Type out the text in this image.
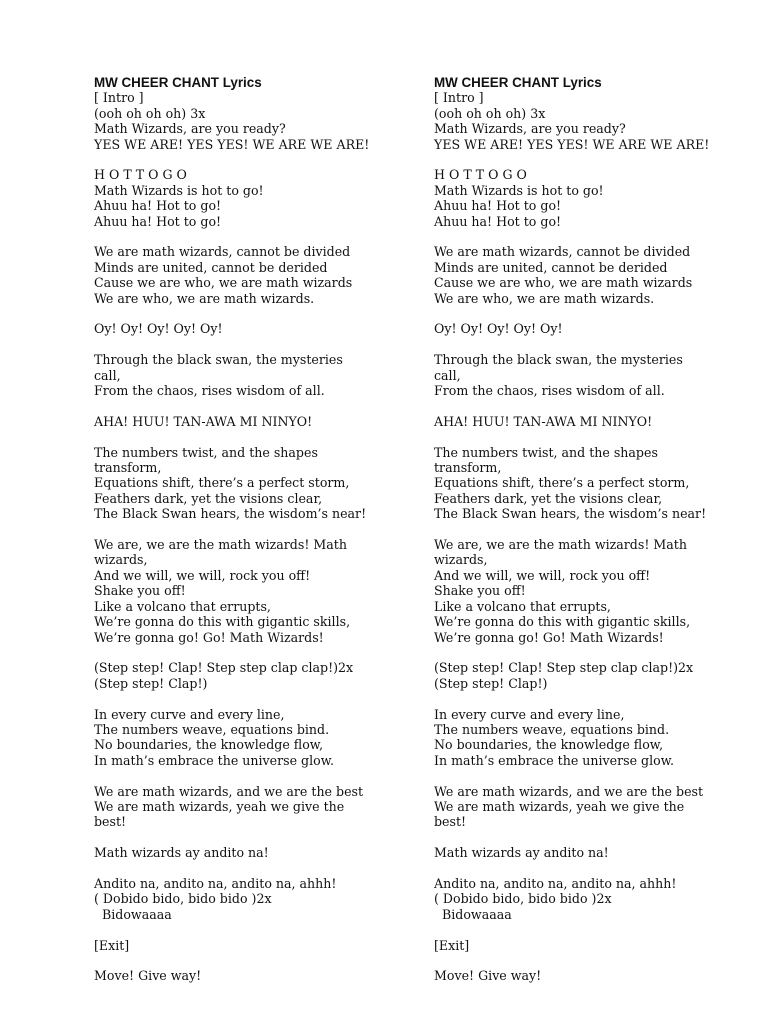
MW CHEER CHANT Lyrics
[ Intro ]
(ooh oh oh oh) 3x
Math Wizards, are you ready?
YES WE ARE! YES YES! WE ARE WE ARE!
H O T T O G O
Math Wizards is hot to go!
Ahuu ha! Hot to go!
Ahuu ha! Hot to go!
We are math wizards, cannot be divided
Minds are united, cannot be derided
Cause we are who, we are math wizards
We are who, we are math wizards.
Oy! Oy! Oy! Oy! Oy!
Through the black swan, the mysteries
call,
From the chaos, rises wisdom of all.
AHA! HUU! TAN-AWA MI NINYO!
The numbers twist, and the shapes
transform,
Equations shift, there’s a perfect storm,
Feathers dark, yet the visions clear,
The Black Swan hears, the wisdom’s near!
We are, we are the math wizards! Math
wizards,
And we will, we will, rock you off!
Shake you off!
Like a volcano that errupts,
We’re gonna do this with gigantic skills,
We’re gonna go! Go! Math Wizards!
(Step step! Clap! Step step clap clap!)2x
(Step step! Clap!)
In every curve and every line,
The numbers weave, equations bind.
No boundaries, the knowledge flow,
In math’s embrace the universe glow.
We are math wizards, and we are the best
We are math wizards, yeah we give the
best!
Math wizards ay andito na!
Andito na, andito na, andito na, ahhh!
( Dobido bido, bido bido )2x
Bidowaaaa
[Exit]
Move! Give way!
MW CHEER CHANT Lyrics
[ Intro ]
(ooh oh oh oh) 3x
Math Wizards, are you ready?
YES WE ARE! YES YES! WE ARE WE ARE!
H O T T O G O
Math Wizards is hot to go!
Ahuu ha! Hot to go!
Ahuu ha! Hot to go!
We are math wizards, cannot be divided
Minds are united, cannot be derided
Cause we are who, we are math wizards
We are who, we are math wizards.
Oy! Oy! Oy! Oy! Oy!
Through the black swan, the mysteries
call,
From the chaos, rises wisdom of all.
AHA! HUU! TAN-AWA MI NINYO!
The numbers twist, and the shapes
transform,
Equations shift, there’s a perfect storm,
Feathers dark, yet the visions clear,
The Black Swan hears, the wisdom’s near!
We are, we are the math wizards! Math
wizards,
And we will, we will, rock you off!
Shake you off!
Like a volcano that errupts,
We’re gonna do this with gigantic skills,
We’re gonna go! Go! Math Wizards!
(Step step! Clap! Step step clap clap!)2x
(Step step! Clap!)
In every curve and every line,
The numbers weave, equations bind.
No boundaries, the knowledge flow,
In math’s embrace the universe glow.
We are math wizards, and we are the best
We are math wizards, yeah we give the
best!
Math wizards ay andito na!
Andito na, andito na, andito na, ahhh!
( Dobido bido, bido bido )2x
Bidowaaaa
[Exit]
Move! Give way!
